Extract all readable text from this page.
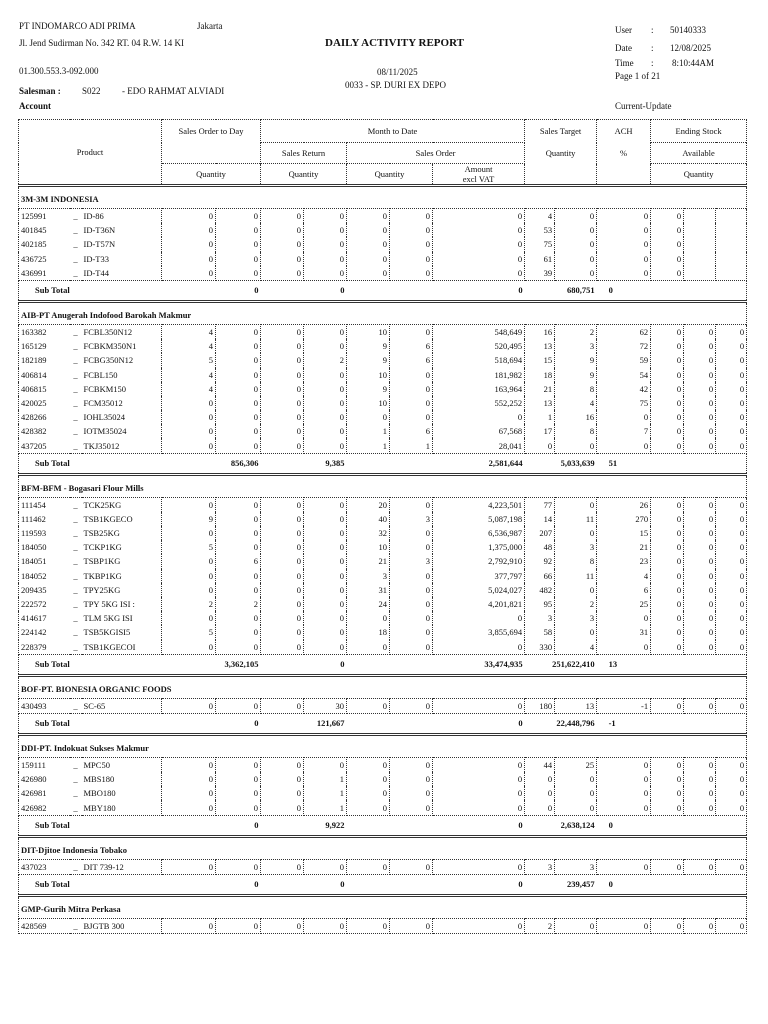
PT INDOMARCO ADI PRIMA	Jakarta
Jl. Jend Sudirman No. 342 RT. 04 R.W. 14 KI	DAILY ACTIVITY REPORT
01.300.553.3-092.000	08/11/2025
0033 - SP. DURI EX DEPO
Salesman : S022 - EDO RAHMAT ALVIADI
Account
User : 50140333
Date : 12/08/2025
Time : 8:10:44AM
Page 1 of 21
Current-Update
Product			Sales Order to Day		Month to Date					Sales Target		ACH	Ending Stock		
					Sales Return		Sales Order			Quantity		%	Available		
			Quantity		Quantity		Quantity		Amount
excl VAT				Quantity		
3M-3M INDONESIA															
125991	_	ID-86	0	0	0	0	0	0	0	4	0	0	0		
401845	_	ID-T36N	0	0	0	0	0	0	0	53	0	0	0		
402185	_	ID-T57N	0	0	0	0	0	0	0	75	0	0	0		
436725	_	ID-T33	0	0	0	0	0	0	0	61	0	0	0		
436991	_	ID-T44	0	0	0	0	0	0	0	39	0	0	0		
Sub Total			0		0		0			680,751		0			
AIB-PT Anugerah Indofood Barokah Makmur															
163382	_	FCBL350N12	4	0	0	0	10	0	548,649	16	2	62	0	0	0
165129	_	FCBKM350N1	4	0	0	0	9	6	520,495	13	3	72	0	0	0
182189	_	FCBG350N12	5	0	0	2	9	6	518,694	15	9	59	0	0	0
406814	_	FCBL150	4	0	0	0	10	0	181,982	18	9	54	0	0	0
406815	_	FCBKM150	4	0	0	0	9	0	163,964	21	8	42	0	0	0
420025	_	FCM35012	0	0	0	0	10	0	552,252	13	4	75	0	0	0
428266	_	IOHL35024	0	0	0	0	0	0	0	1	16	0	0	0	0
428382	_	IOTM35024	0	0	0	0	1	6	67,568	17	8	7	0	0	0
437205	_	TKJ35012	0	0	0	0	1	1	28,041	0	0	0	0	0	0
Sub Total			856,306		9,385		2,581,644			5,033,639		51			
BFM-BFM - Bogasari Flour Mills															
111454	_	TCK25KG	0	0	0	0	20	0	4,223,501	77	0	26	0	0	0
111462	_	TSB1KGECO	9	0	0	0	40	3	5,087,198	14	11	270	0	0	0
119593	_	TSB25KG	0	0	0	0	32	0	6,536,987	207	0	15	0	0	0
184050	_	TCKP1KG	5	0	0	0	10	0	1,375,000	48	3	21	0	0	0
184051	_	TSBP1KG	0	6	0	0	21	3	2,792,910	92	8	23	0	0	0
184052	_	TKBP1KG	0	0	0	0	3	0	377,797	66	11	4	0	0	0
209435	_	TPY25KG	0	0	0	0	31	0	5,024,027	482	0	6	0	0	0
222572	_	TPY 5KG ISI :	2	2	0	0	24	0	4,201,821	95	2	25	0	0	0
414617	_	TLM 5KG ISI	0	0	0	0	0	0	0	3	3	0	0	0	0
224142	_	TSB5KGISI5	5	0	0	0	18	0	3,855,694	58	0	31	0	0	0
228379	_	TSB1KGECOI	0	0	0	0	0	0	0	330	4	0	0	0	0
Sub Total			3,362,105		0		33,474,935			251,622,410		13			
BOF-PT. BIONESIA ORGANIC FOODS															
430493	_	SC-65	0	0	0	30	0	0	0	180	13	-1	0	0	0
Sub Total			0		121,667		0			22,448,796		-1			
DDI-PT. Indokuat Sukses Makmur															
159111	_	MPC50	0	0	0	0	0	0	0	44	25	0	0	0	0
426980	_	MBS180	0	0	0	1	0	0	0	0	0	0	0	0	0
426981	_	MBO180	0	0	0	1	0	0	0	0	0	0	0	0	0
426982	_	MBY180	0	0	0	1	0	0	0	0	0	0	0	0	0
Sub Total			0		9,922		0			2,638,124		0			
DIT-Djitoe Indonesia Tobako															
437023	_	DIT 739-12	0	0	0	0	0	0	0	3	3	0	0	0	0
Sub Total			0		0		0			239,457		0			
GMP-Gurih Mitra Perkasa															
428569	_	BJGTB 300	0	0	0	0	0	0	0	2	0	0	0	0	0
